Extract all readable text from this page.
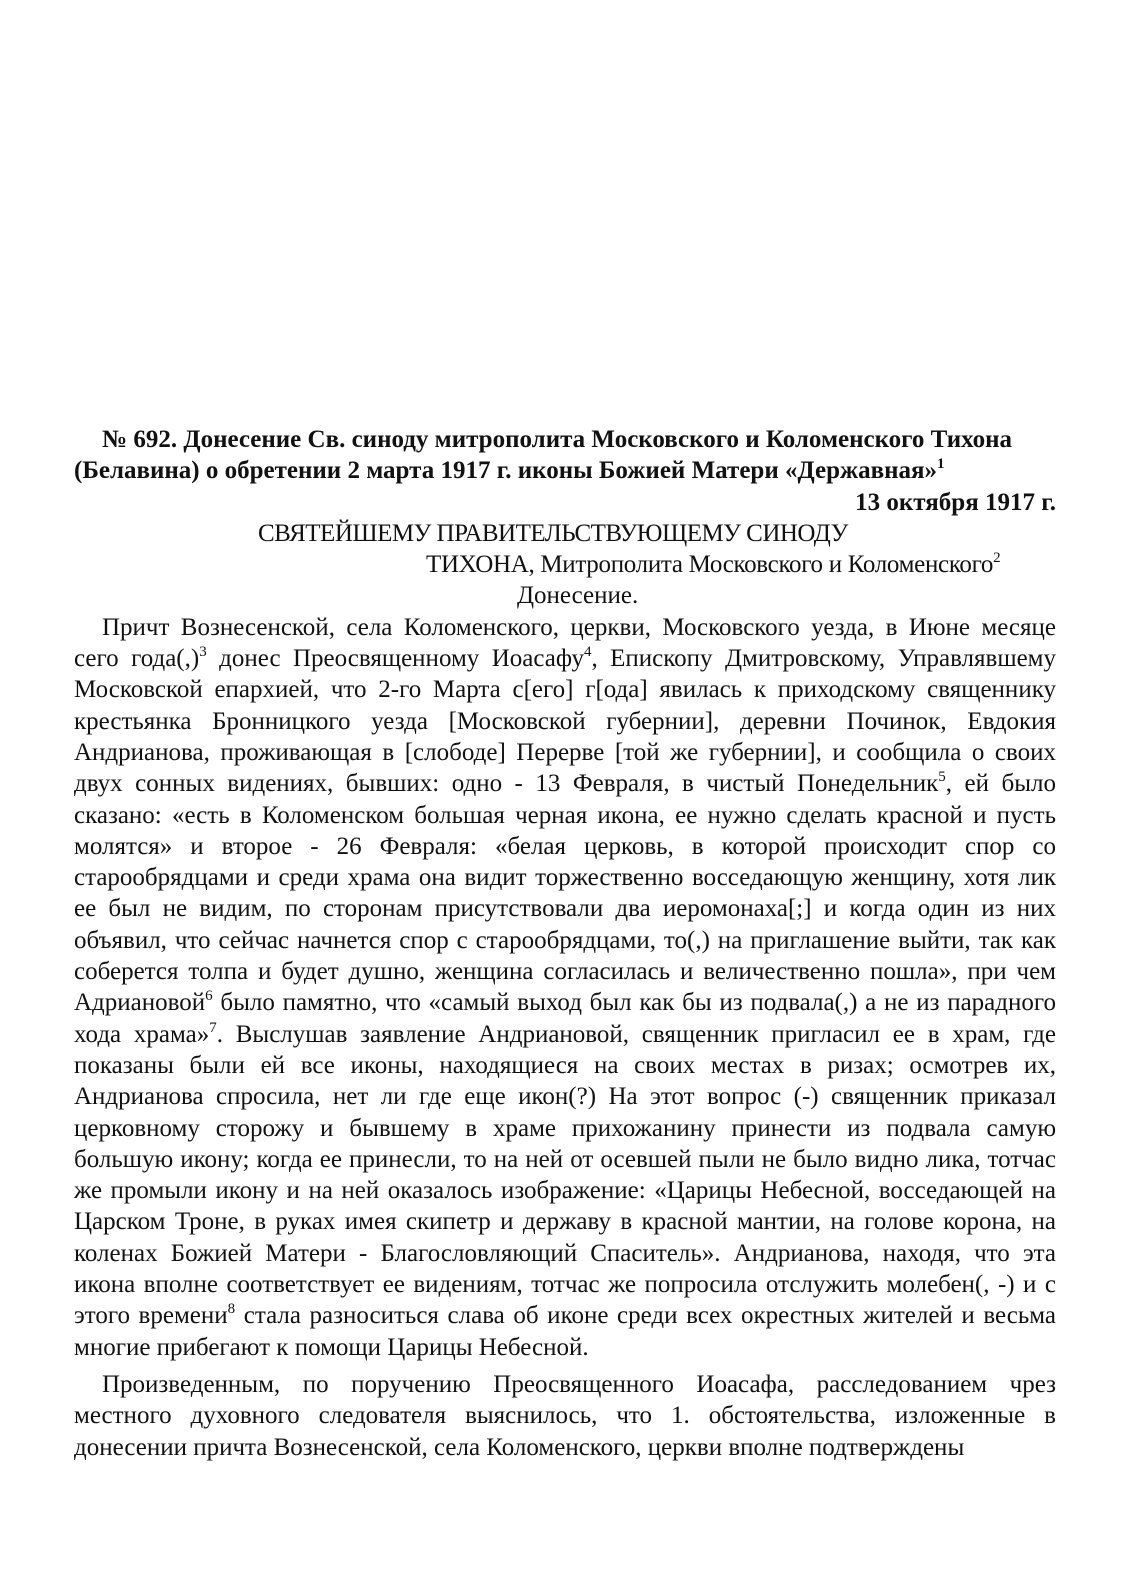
№ 692. Донесение Св. синоду митрополита Московского и Коломенского Тихона
(Белавина) о обретении 2 марта 1917 г. иконы Божией Матери «Державная»$^1$

13 октября 1917 г.

СВЯТЕЙШЕМУ ПРАВИТЕЛЬСТВУЮЩЕМУ СИНОДУ

ТИХОНА, Митрополита Московского и Коломенского$^2$

Донесение.

Причт Вознесенской, села Коломенского, церкви, Московского уезда, в Июне месяце сего года(,)$^3$ донес Преосвященному Иоасафу$^4$, Епископу Дмитровскому, Управлявшему Московской епархией, что 2-го Марта с[его] г[ода] явилась к приходскому священнику крестьянка Бронницкого уезда [Московской губернии], деревни Починок, Евдокия Андрианова, проживающая в [слободе] Перерве [той же губернии], и сообщила о своих двух сонных видениях, бывших: одно - 13 Февраля, в чистый Понедельник$^5$, ей было сказано: «есть в Коломенском большая черная икона, ее нужно сделать красной и пусть молятся» и второе - 26 Февраля: «белая церковь, в которой происходит спор со старообрядцами и среди храма она видит торжественно восседающую женщину, хотя лик ее был не видим, по сторонам присутствовали два иеромонаха[;] и когда один из них объявил, что сейчас начнется спор с старообрядцами, то(,) на приглашение выйти, так как соберется толпа и будет душно, женщина согласилась и величественно пошла», при чем Адриановой$^6$ было памятно, что «самый выход был как бы из подвала(,) а не из парадного хода храма»$^7$. Выслушав заявление Андриановой, священник пригласил ее в храм, где показаны были ей все иконы, находящиеся на своих местах в ризах; осмотрев их, Андрианова спросила, нет ли где еще икон(?) На этот вопрос (-) священник приказал церковному сторожу и бывшему в храме прихожанину принести из подвала самую большую икону; когда ее принесли, то на ней от осевшей пыли не было видно лика, тотчас же промыли икону и на ней оказалось изображение: «Царицы Небесной, восседающей на Царском Троне, в руках имея скипетр и державу в красной мантии, на голове корона, на коленах Божией Матери - Благословляющий Спаситель». Андрианова, находя, что эта икона вполне соответствует ее видениям, тотчас же попросила отслужить молебен(, -) и с этого времени$^8$ стала разноситься слава об иконе среди всех окрестных жителей и весьма многие прибегают к помощи Царицы Небесной.

Произведенным, по поручению Преосвященного Иоасафа, расследованием чрез местного духовного следователя выяснилось, что 1. обстоятельства, изложенные в донесении причта Вознесенской, села Коломенского, церкви вполне подтверждены
